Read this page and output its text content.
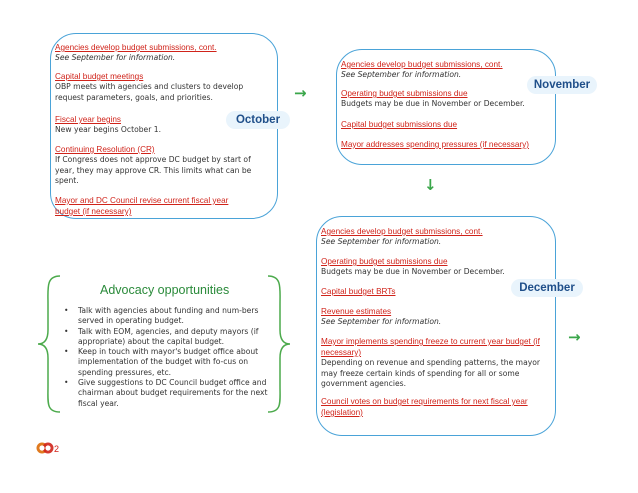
Agencies develop budget submissions, cont.
See September for information.
Capital budget meetings
OBP meets with agencies and clusters to develop request parameters, goals, and priorities.
Fiscal year begins
New year begins October 1.
Continuing Resolution (CR)
If Congress does not approve DC budget by start of year, they may approve CR. This limits what can be spent.
Mayor and DC Council revise current fiscal year budget (if necessary)
October
→
Agencies develop budget submissions, cont.
See September for information.
Operating budget submissions due
Budgets may be due in November or December.
Capital budget submissions due
Mayor addresses spending pressures (if necessary)
November
↓
Agencies develop budget submissions, cont.
See September for information.
Operating budget submissions due
Budgets may be due in November or December.
Capital budget BRTs
Revenue estimates
See September for information.
Mayor implements spending freeze to current year budget (if necessary)
Depending on revenue and spending patterns, the mayor may freeze certain kinds of spending for all or some government agencies.
Council votes on budget requirements for next fiscal year (legislation)
December
→
Advocacy opportunities
• Talk with agencies about funding and num-bers served in operating budget.
• Talk with EOM, agencies, and deputy mayors (if appropriate) about the capital budget.
• Keep in touch with mayor's budget office about implementation of the budget with fo-cus on spending pressures, etc.
• Give suggestions to DC Council budget office and chairman about budget requirements for the next fiscal year.
2
